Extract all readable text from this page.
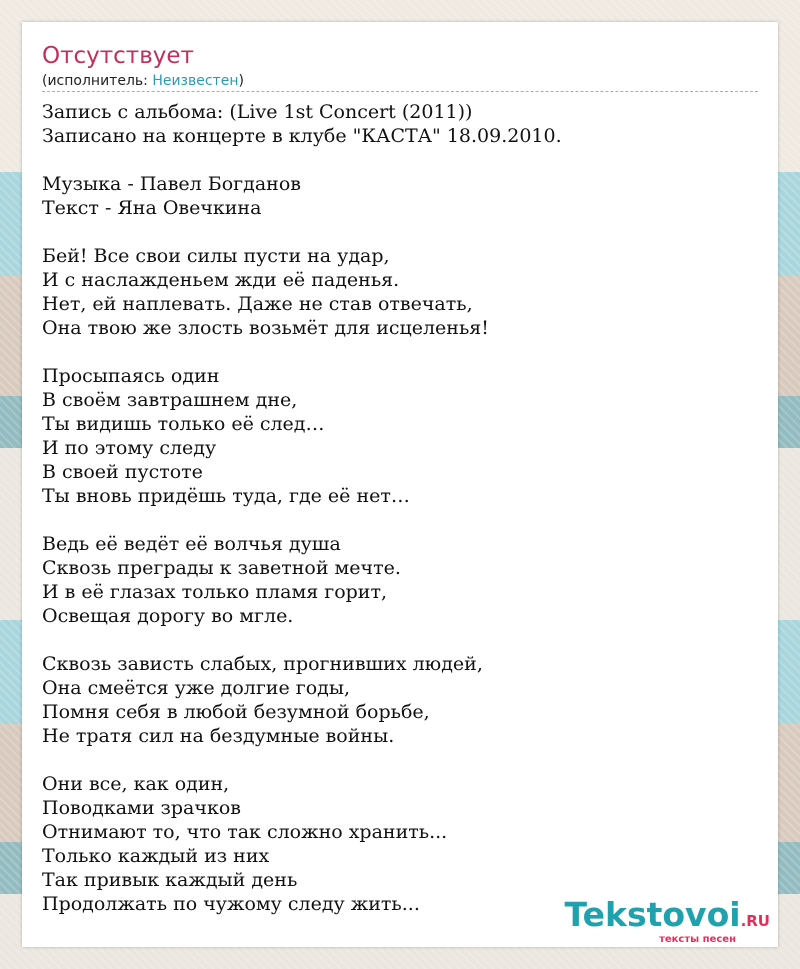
Отсутствует
(исполнитель: Неизвестен)
Запись с альбома: (Live 1st Concert (2011))
Записано на концерте в клубе "КАСТА" 18.09.2010.
Музыка - Павел Богданов
Текст - Яна Овечкина
Бей! Все свои силы пусти на удар,
И с наслажденьем жди её паденья.
Нет, ей наплевать. Даже не став отвечать,
Она твою же злость возьмёт для исцеленья!
Просыпаясь один
В своём завтрашнем дне,
Ты видишь только её след…
И по этому следу
В своей пустоте
Ты вновь придёшь туда, где её нет…
Ведь её ведёт её волчья душа
Сквозь преграды к заветной мечте.
И в её глазах только пламя горит,
Освещая дорогу во мгле.
Сквозь зависть слабых, прогнивших людей,
Она смеётся уже долгие годы,
Помня себя в любой безумной борьбе,
Не тратя сил на бездумные войны.
Они все, как один,
Поводками зрачков
Отнимают то, что так сложно хранить...
Только каждый из них
Так привык каждый день
Продолжать по чужому следу жить...	Tekstovoi.RU
тексты песен
